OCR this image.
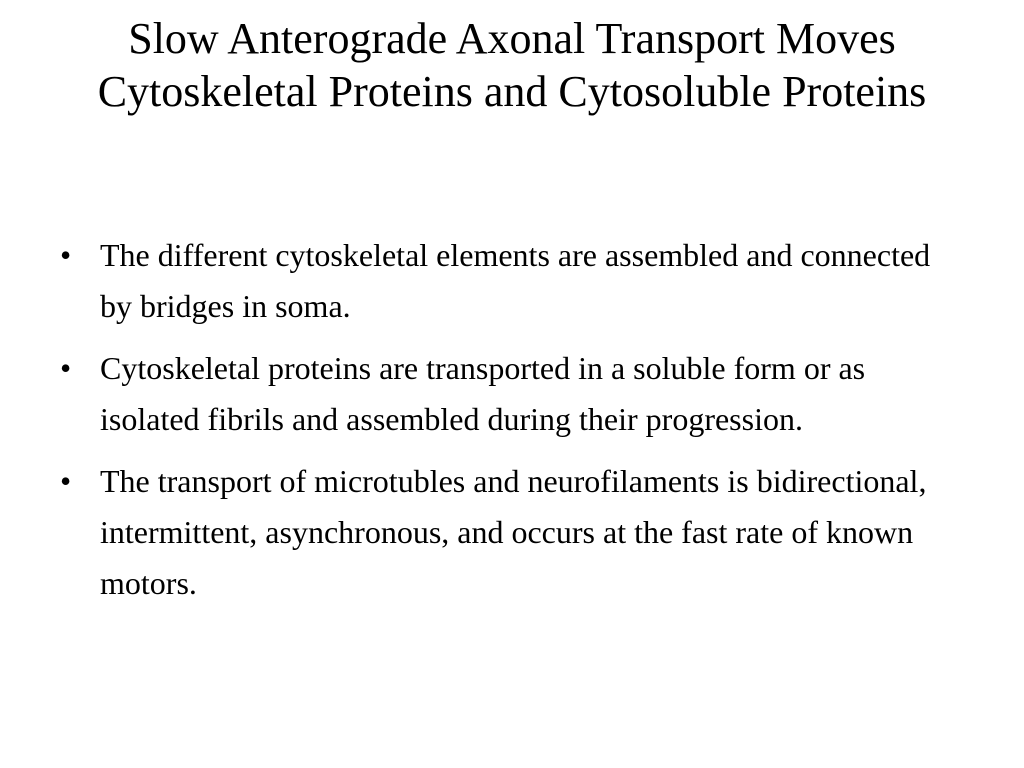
Slow Anterograde Axonal Transport Moves Cytoskeletal Proteins and Cytosoluble Proteins
• The different cytoskeletal elements are assembled and connected by bridges in soma.
• Cytoskeletal proteins are transported in a soluble form or as isolated fibrils and assembled during their progression.
• The transport of microtubles and neurofilaments is bidirectional, intermittent, asynchronous, and occurs at the fast rate of known motors.
